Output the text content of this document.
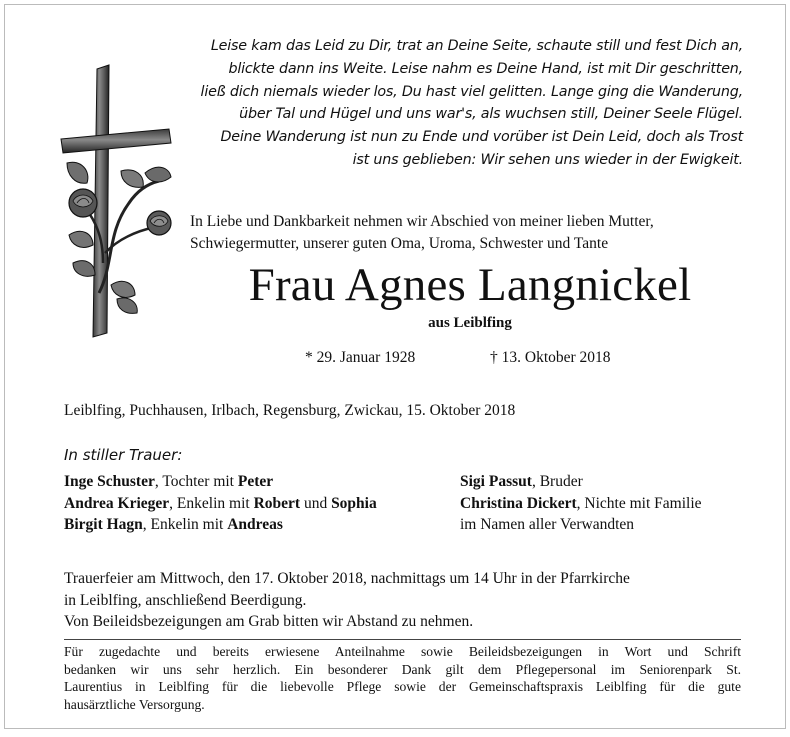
Leise kam das Leid zu Dir, trat an Deine Seite, schaute still und fest Dich an,
blickte dann ins Weite. Leise nahm es Deine Hand, ist mit Dir geschritten,
ließ dich niemals wieder los, Du hast viel gelitten. Lange ging die Wanderung,
über Tal und Hügel und uns war's, als wuchsen still, Deiner Seele Flügel.
Deine Wanderung ist nun zu Ende und vorüber ist Dein Leid, doch als Trost
ist uns geblieben: Wir sehen uns wieder in der Ewigkeit.
In Liebe und Dankbarkeit nehmen wir Abschied von meiner lieben Mutter,
Schwiegermutter, unserer guten Oma, Uroma, Schwester und Tante
Frau Agnes Langnickel
aus Leiblfing
* 29. Januar 1928	† 13. Oktober 2018
Leiblfing, Puchhausen, Irlbach, Regensburg, Zwickau, 15. Oktober 2018
In stiller Trauer:
Inge Schuster, Tochter mit Peter
Andrea Krieger, Enkelin mit Robert und Sophia
Birgit Hagn, Enkelin mit Andreas
Sigi Passut, Bruder
Christina Dickert, Nichte mit Familie
im Namen aller Verwandten
Trauerfeier am Mittwoch, den 17. Oktober 2018, nachmittags um 14 Uhr in der Pfarrkirche
in Leiblfing, anschließend Beerdigung.
Von Beileidsbezeigungen am Grab bitten wir Abstand zu nehmen.
Für zugedachte und bereits erwiesene Anteilnahme sowie Beileidsbezeigungen in Wort und Schrift
bedanken wir uns sehr herzlich. Ein besonderer Dank gilt dem Pflegepersonal im Seniorenpark St.
Laurentius in Leiblfing für die liebevolle Pflege sowie der Gemeinschaftspraxis Leiblfing für die gute
hausärztliche Versorgung.
